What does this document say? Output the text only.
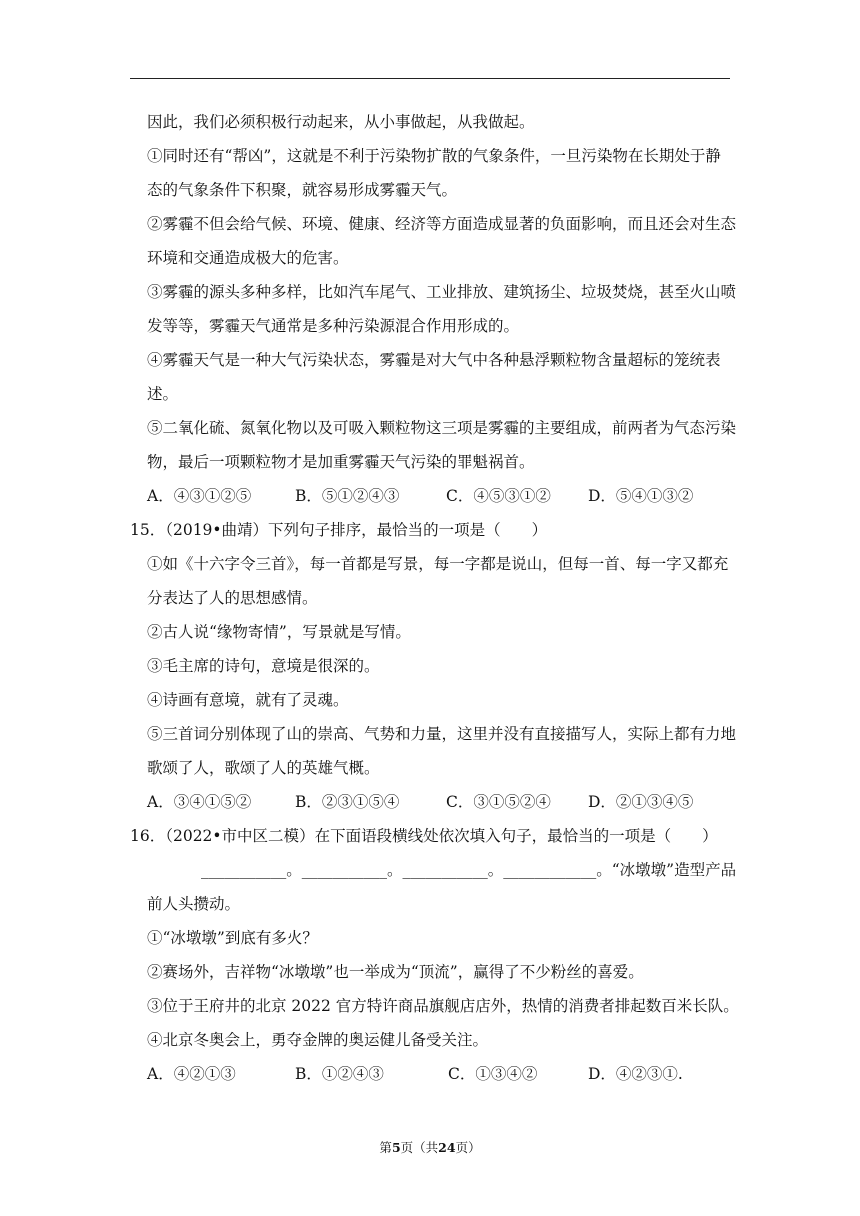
因此，我们必须积极行动起来，从小事做起，从我做起。
①同时还有“帮凶”，这就是不利于污染物扩散的气象条件，一旦污染物在长期处于静
态的气象条件下积聚，就容易形成雾霾天气。
②雾霾不但会给气候、环境、健康、经济等方面造成显著的负面影响，而且还会对生态
环境和交通造成极大的危害。
③雾霾的源头多种多样，比如汽车尾气、工业排放、建筑扬尘、垃圾焚烧，甚至火山喷
发等等，雾霾天气通常是多种污染源混合作用形成的。
④雾霾天气是一种大气污染状态，雾霾是对大气中各种悬浮颗粒物含量超标的笼统表
述。
⑤二氧化硫、氮氧化物以及可吸入颗粒物这三项是雾霾的主要组成，前两者为气态污染
物，最后一项颗粒物才是加重雾霾天气污染的罪魁祸首。
A．④③①②⑤	B．⑤①②④③	C．④⑤③①②	D．⑤④①③②
15．（2019•曲靖）下列句子排序，最恰当的一项是（　　）
①如《十六字令三首》，每一首都是写景，每一字都是说山，但每一首、每一字又都充
分表达了人的思想感情。
②古人说“缘物寄情”，写景就是写情。
③毛主席的诗句，意境是很深的。
④诗画有意境，就有了灵魂。
⑤三首词分别体现了山的崇高、气势和力量，这里并没有直接描写人，实际上都有力地
歌颂了人，歌颂了人的英雄气概。
A．③④①⑤②	B．②③①⑤④	C．③①⑤②④	D．②①③④⑤
16．（2022•市中区二模）在下面语段横线处依次填入句子，最恰当的一项是（　　）
___________。___________。___________。____________。“冰墩墩”造型产品
前人头攒动。
①“冰墩墩”到底有多火？
②赛场外，吉祥物“冰墩墩”也一举成为“顶流”，赢得了不少粉丝的喜爱。
③位于王府井的北京 2022 官方特许商品旗舰店店外，热情的消费者排起数百米长队。
④北京冬奥会上，勇夺金牌的奥运健儿备受关注。
A．④②①③	B．①②④③	C．①③④②	D．④②③①.
第5页（共24页）
